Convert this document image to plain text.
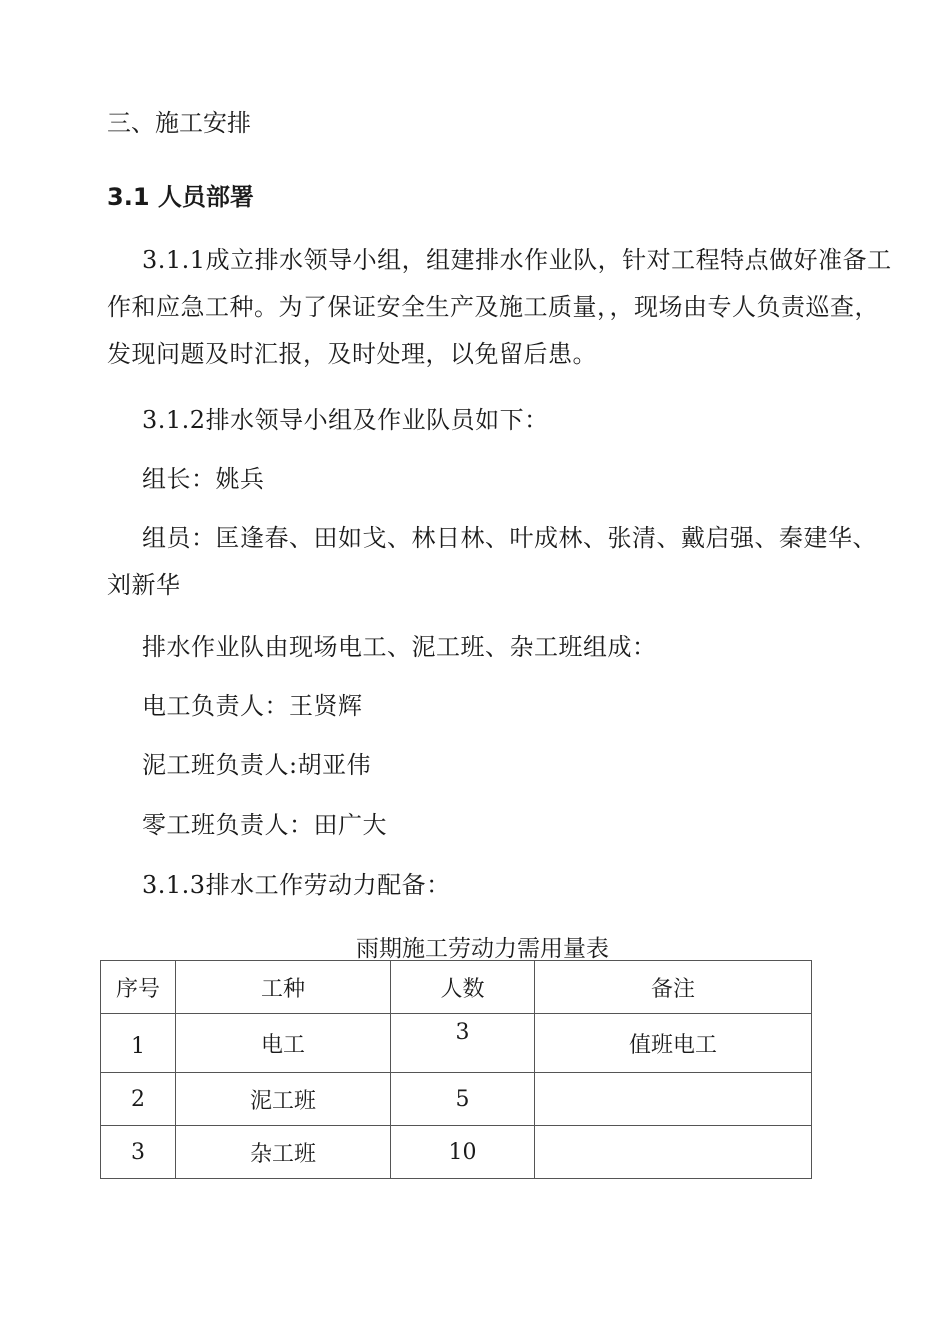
三、施工安排
3.1 人员部署
3.1.1成立排水领导小组，组建排水作业队，针对工程特点做好准备工作和应急工种。为了保证安全生产及施工质量，，现场由专人负责巡查，发现问题及时汇报，及时处理，以免留后患。
3.1.2排水领导小组及作业队员如下：
组长：姚兵
组员：匡逢春、田如戈、林日林、叶成林、张清、戴启强、秦建华、刘新华
排水作业队由现场电工、泥工班、杂工班组成：
电工负责人：王贤辉
泥工班负责人:胡亚伟
零工班负责人：田广大
3.1.3排水工作劳动力配备：
雨期施工劳动力需用量表
序号	工种	人数	备注
1	电工	3	值班电工
2	泥工班	5	
3	杂工班	10	
